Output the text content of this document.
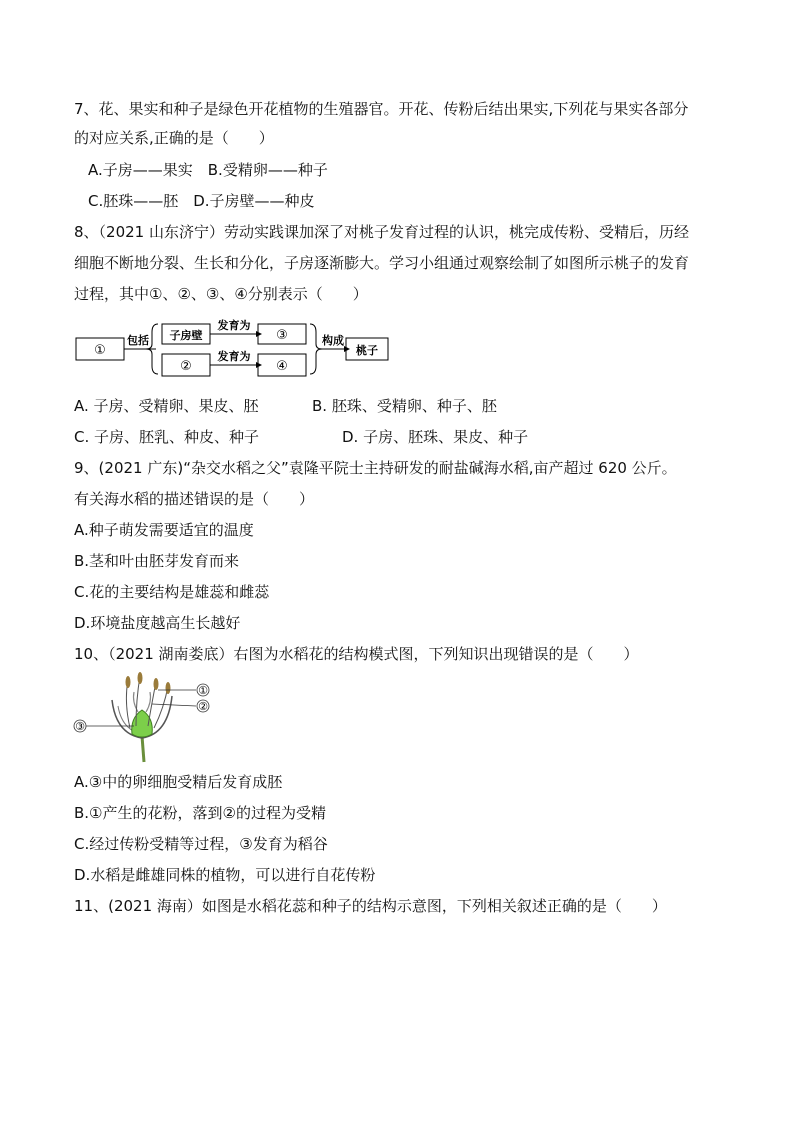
7、花、果实和种子是绿色开花植物的生殖器官。开花、传粉后结出果实,下列花与果实各部分
的对应关系,正确的是（　　）
A.子房——果实　B.受精卵——种子
C.胚珠——胚　D.子房壁——种皮
8、（2021 山东济宁）劳动实践课加深了对桃子发育过程的认识，桃完成传粉、受精后，历经
细胞不断地分裂、生长和分化，子房逐渐膨大。学习小组通过观察绘制了如图所示桃子的发育
过程，其中①、②、③、④分别表示（　　）
①
包括 子房壁
②
发育为
发育为
③
④
构成
桃子
A. 子房、受精卵、果皮、胚	B. 胚珠、受精卵、种子、胚
C. 子房、胚乳、种皮、种子	D. 子房、胚珠、果皮、种子
9、(2021 广东)“杂交水稻之父”袁隆平院士主持研发的耐盐碱海水稻,亩产超过 620 公斤。
有关海水稻的描述错误的是（　　）
A.种子萌发需要适宜的温度
B.茎和叶由胚芽发育而来
C.花的主要结构是雄蕊和雌蕊
D.环境盐度越高生长越好
10、（2021 湖南娄底）右图为水稻花的结构模式图，下列知识出现错误的是（　　）
①
②
③
A.③中的卵细胞受精后发育成胚
B.①产生的花粉，落到②的过程为受精
C.经过传粉受精等过程，③发育为稻谷
D.水稻是雌雄同株的植物，可以进行自花传粉
11、(2021 海南）如图是水稻花蕊和种子的结构示意图，下列相关叙述正确的是（　　）
